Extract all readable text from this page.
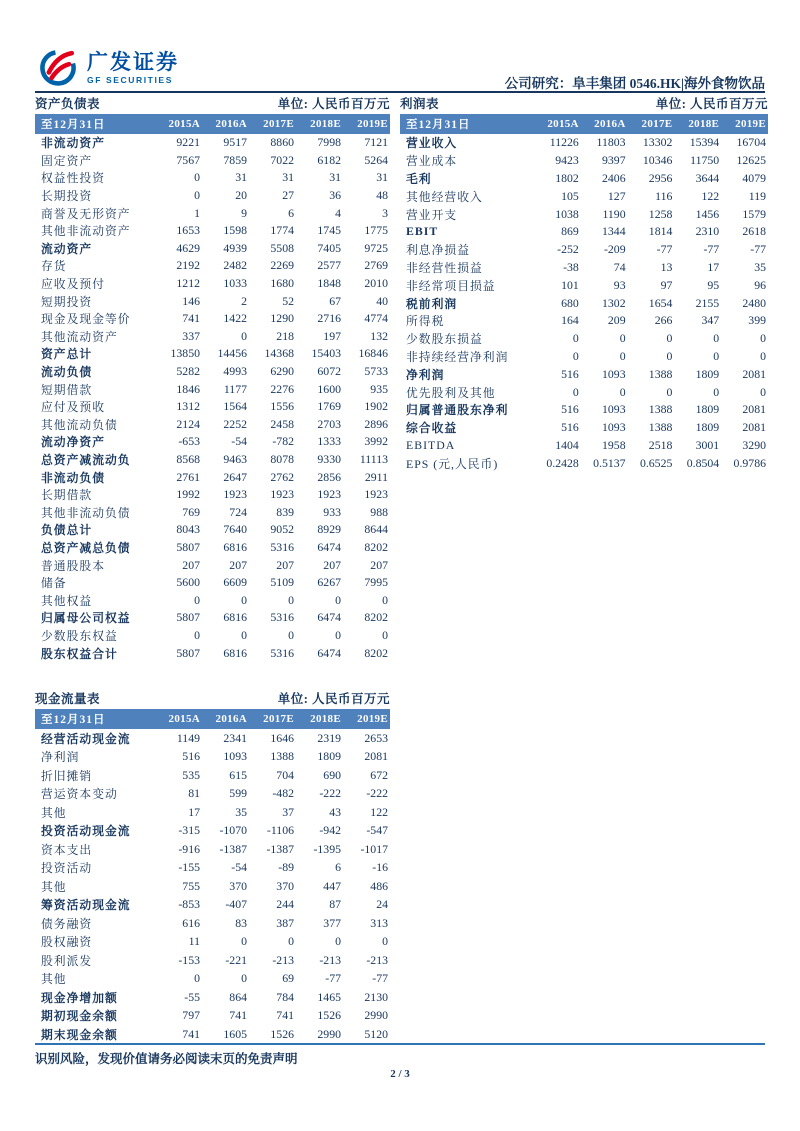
广发证券
GF SECURITIES	公司研究：阜丰集团 0546.HK|海外食物饮品
资产负债表	单位: 人民币百万元
至12月31日	2015A	2016A	2017E	2018E	2019E
非流动资产	9221	9517	8860	7998	7121
固定资产	7567	7859	7022	6182	5264
权益性投资	0	31	31	31	31
长期投资	0	20	27	36	48
商誉及无形资产	1	9	6	4	3
其他非流动资产	1653	1598	1774	1745	1775
流动资产	4629	4939	5508	7405	9725
存货	2192	2482	2269	2577	2769
应收及预付	1212	1033	1680	1848	2010
短期投资	146	2	52	67	40
现金及现金等价	741	1422	1290	2716	4774
其他流动资产	337	0	218	197	132
资产总计	13850	14456	14368	15403	16846
流动负债	5282	4993	6290	6072	5733
短期借款	1846	1177	2276	1600	935
应付及预收	1312	1564	1556	1769	1902
其他流动负债	2124	2252	2458	2703	2896
流动净资产	-653	-54	-782	1333	3992
总资产减流动负	8568	9463	8078	9330	11113
非流动负债	2761	2647	2762	2856	2911
长期借款	1992	1923	1923	1923	1923
其他非流动负债	769	724	839	933	988
负债总计	8043	7640	9052	8929	8644
总资产减总负债	5807	6816	5316	6474	8202
普通股股本	207	207	207	207	207
储备	5600	6609	5109	6267	7995
其他权益	0	0	0	0	0
归属母公司权益	5807	6816	5316	6474	8202
少数股东权益	0	0	0	0	0
股东权益合计	5807	6816	5316	6474	8202
利润表	单位: 人民币百万元
至12月31日	2015A	2016A	2017E	2018E	2019E
营业收入	11226	11803	13302	15394	16704
营业成本	9423	9397	10346	11750	12625
毛利	1802	2406	2956	3644	4079
其他经营收入	105	127	116	122	119
营业开支	1038	1190	1258	1456	1579
EBIT	869	1344	1814	2310	2618
利息净损益	-252	-209	-77	-77	-77
非经营性损益	-38	74	13	17	35
非经常项目损益	101	93	97	95	96
税前利润	680	1302	1654	2155	2480
所得税	164	209	266	347	399
少数股东损益	0	0	0	0	0
非持续经营净利润	0	0	0	0	0
净利润	516	1093	1388	1809	2081
优先股利及其他	0	0	0	0	0
归属普通股东净利	516	1093	1388	1809	2081
综合收益	516	1093	1388	1809	2081
EBITDA	1404	1958	2518	3001	3290
EPS (元,人民币)	0.2428	0.5137	0.6525	0.8504	0.9786
现金流量表	单位: 人民币百万元
至12月31日	2015A	2016A	2017E	2018E	2019E
经营活动现金流	1149	2341	1646	2319	2653
净利润	516	1093	1388	1809	2081
折旧摊销	535	615	704	690	672
营运资本变动	81	599	-482	-222	-222
其他	17	35	37	43	122
投资活动现金流	-315	-1070	-1106	-942	-547
资本支出	-916	-1387	-1387	-1395	-1017
投资活动	-155	-54	-89	6	-16
其他	755	370	370	447	486
筹资活动现金流	-853	-407	244	87	24
债务融资	616	83	387	377	313
股权融资	11	0	0	0	0
股利派发	-153	-221	-213	-213	-213
其他	0	0	69	-77	-77
现金净增加额	-55	864	784	1465	2130
期初现金余额	797	741	741	1526	2990
期末现金余额	741	1605	1526	2990	5120
识别风险，发现价值请务必阅读末页的免责声明
2 / 3
